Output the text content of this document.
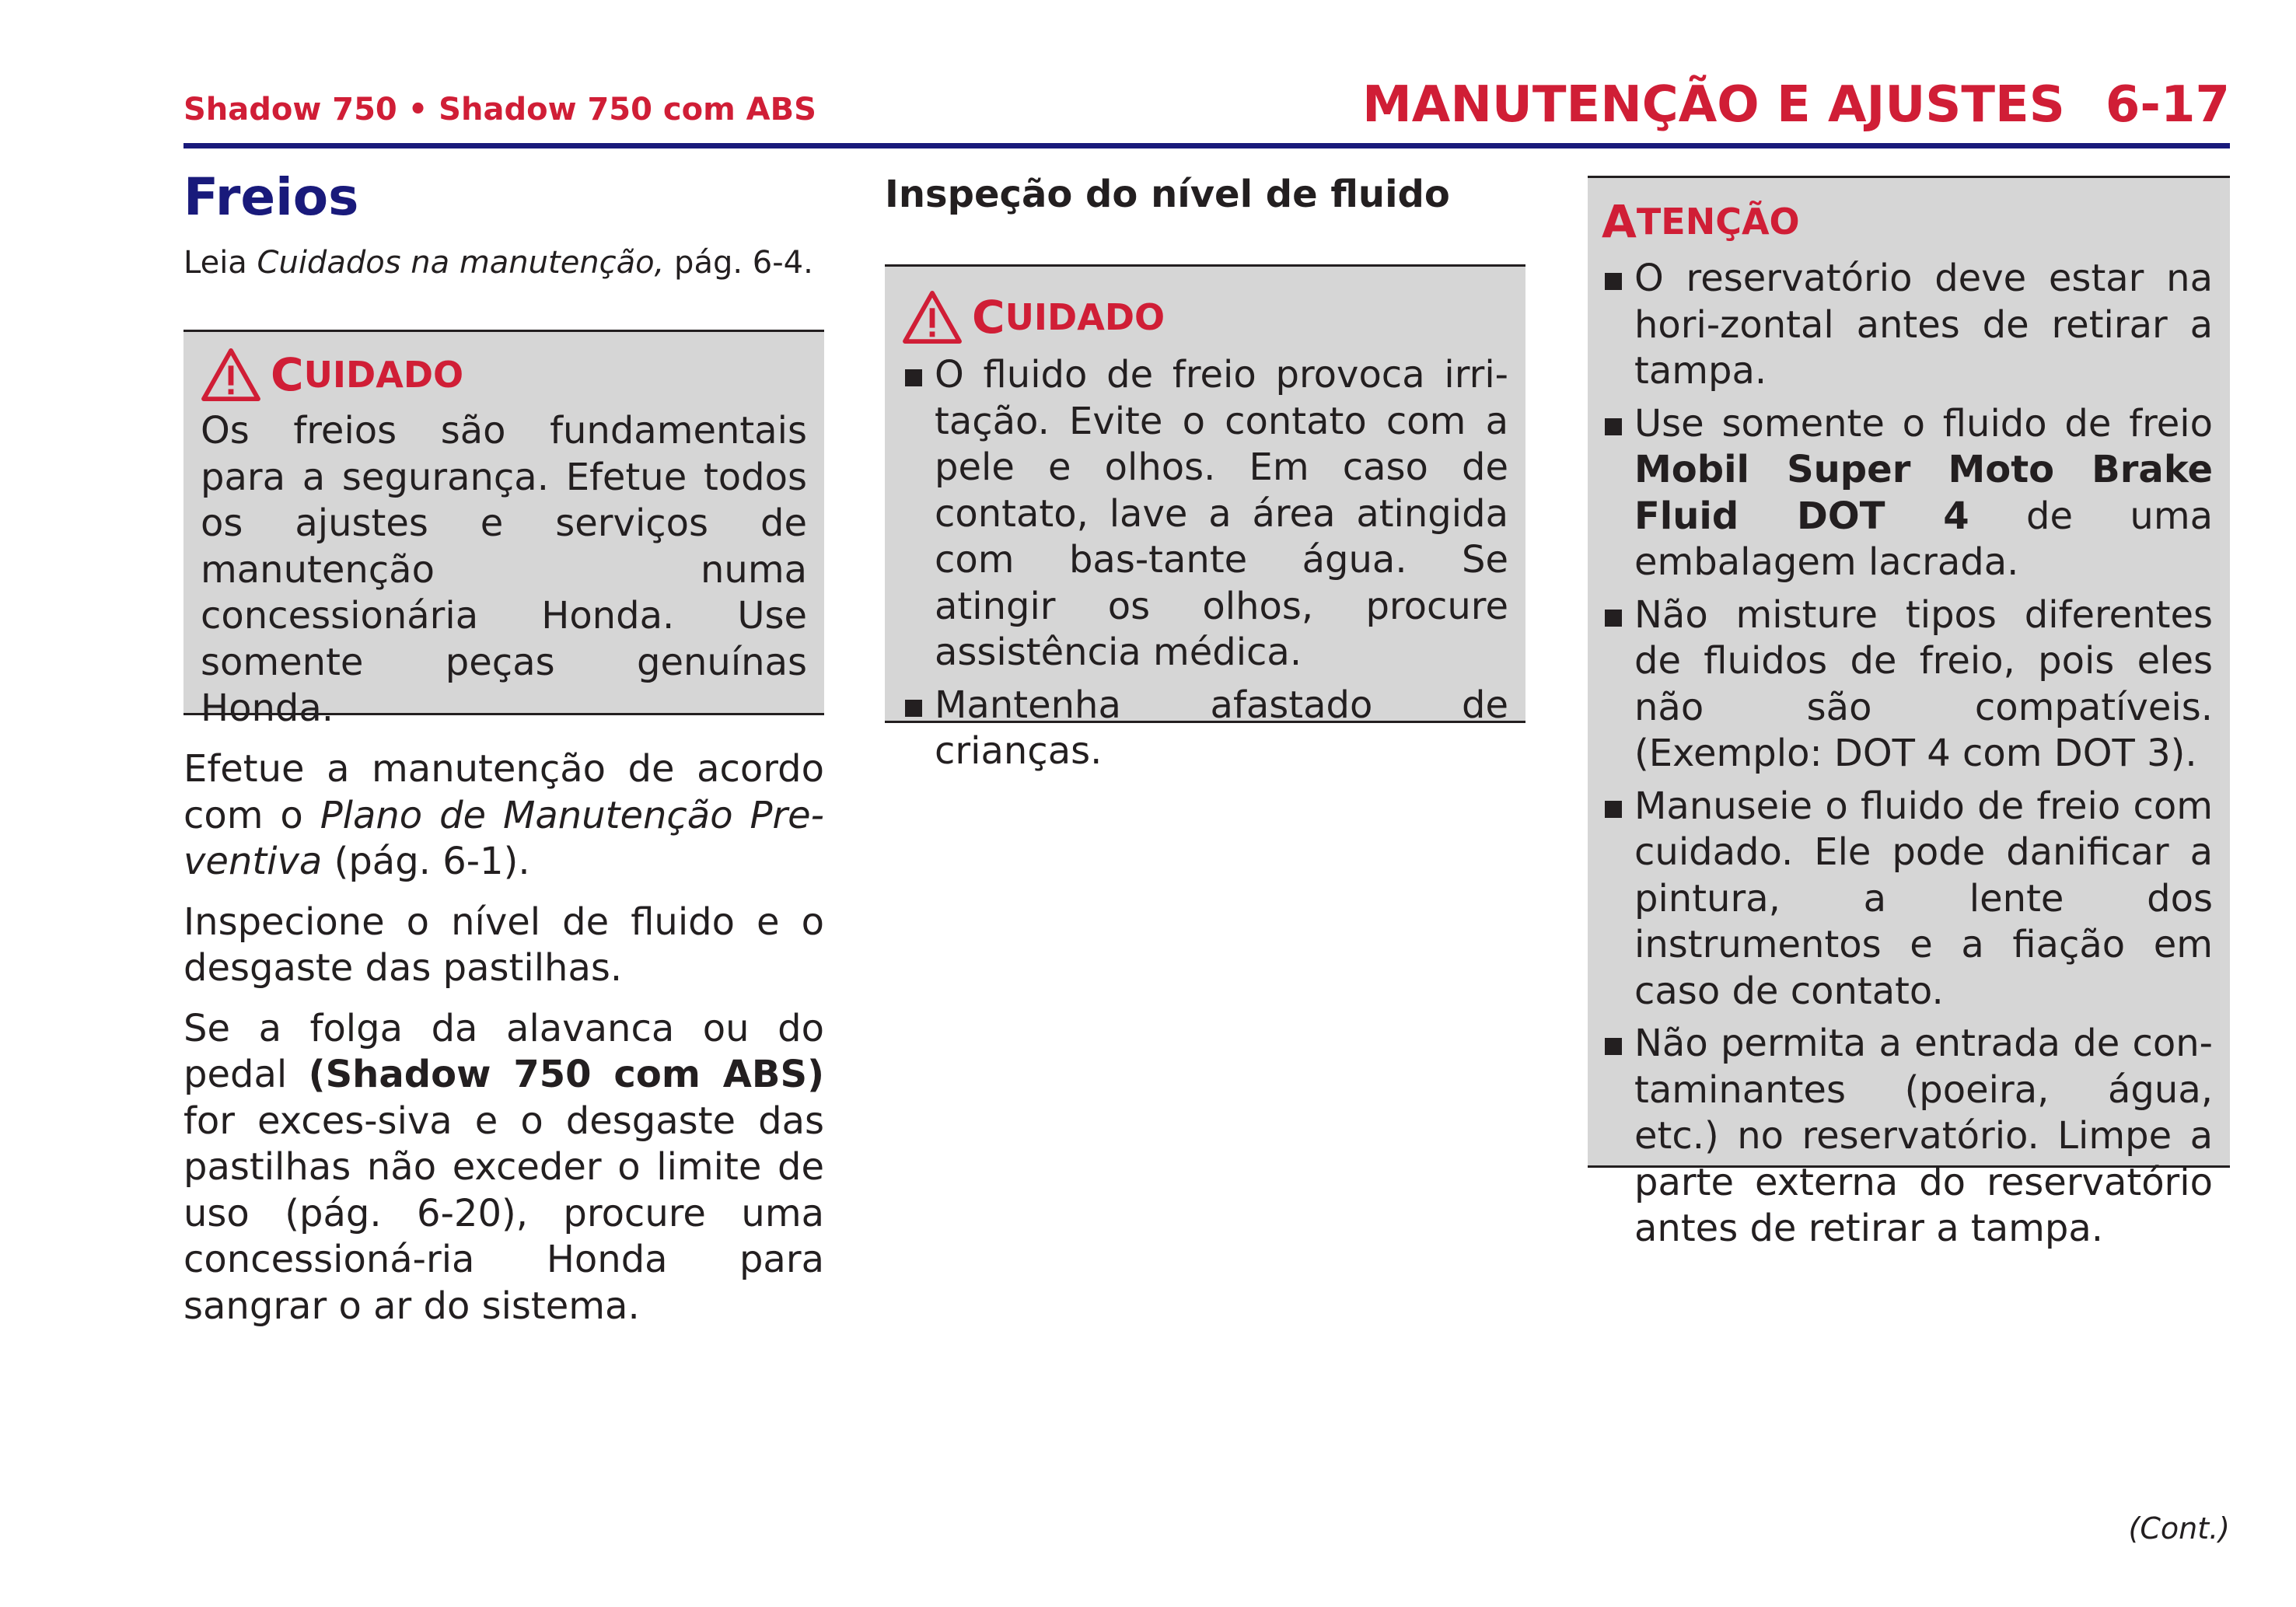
Shadow 750 • Shadow 750 com ABS	MANUTENÇÃO E AJUSTES 6-17
Freios

Leia Cuidados na manutenção, pág. 6-4.

C UIDADO
Os freios são fundamentais para a segurança. Efetue todos os ajustes e serviços de manutenção numa concessionária Honda. Use somente peças genuínas Honda.

Efetue a manutenção de acordo com o Plano de Manutenção Pre-ventiva (pág. 6-1).

Inspecione o nível de fluido e o desgaste das pastilhas.

Se a folga da alavanca ou do pedal (Shadow 750 com ABS) for exces-siva e o desgaste das pastilhas não exceder o limite de uso (pág. 6-20), procure uma concessioná-ria Honda para sangrar o ar do sistema.

Inspeção do nível de fluido
C UIDADO
O fluido de freio provoca irri-tação. Evite o contato com a pele e olhos. Em caso de contato, lave a área atingida com bas-tante água. Se atingir os olhos, procure assistência médica.
Mantenha afastado de crianças.
A TENÇÃO
O reservatório deve estar na hori-zontal antes de retirar a tampa.
Use somente o fluido de freio Mobil Super Moto Brake Fluid DOT 4 de uma embalagem lacrada.
Não misture tipos diferentes de fluidos de freio, pois eles não são compatíveis. (Exemplo: DOT 4 com DOT 3).
Manuseie o fluido de freio com cuidado. Ele pode danificar a pintura, a lente dos instrumentos e a fiação em caso de contato.
Não permita a entrada de con-taminantes (poeira, água, etc.) no reservatório. Limpe a parte externa do reservatório antes de retirar a tampa.
(Cont.)
